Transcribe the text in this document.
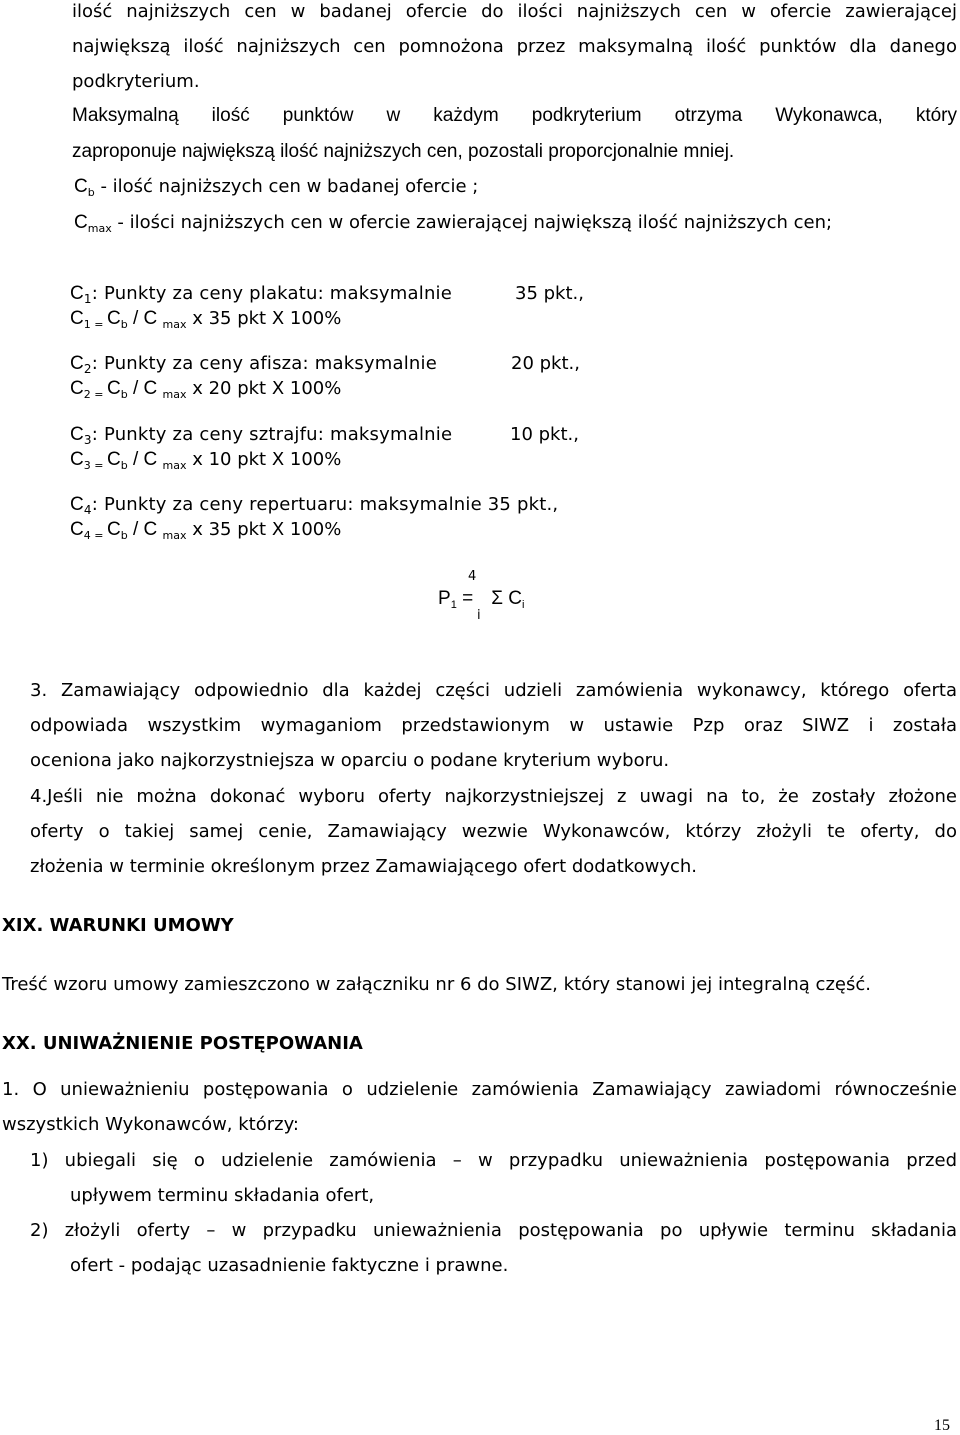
ilość najniższych cen w badanej ofercie do ilości najniższych cen w ofercie zawierającej
największą ilość najniższych cen pomnożona przez maksymalną ilość punktów dla danego
podkryterium.
Maksymalną ilość punktów w każdym podkryterium otrzyma Wykonawca, który
zaproponuje największą ilość najniższych cen, pozostali proporcjonalnie mniej.
$C_b$ - ilość najniższych cen w badanej ofercie ;
$C_{max}$ - ilości najniższych cen w ofercie zawierającej największą ilość najniższych cen;
$C_1$: Punkty za ceny plakatu: maksymalnie	35 pkt.,
$C_1$ $_=$ $C_b$ / C $_{max}$ x 35 pkt X 100%
$C_2$: Punkty za ceny afisza: maksymalnie	20 pkt.,
$C_2$ $_=$ $C_b$ / C $_{max}$ x 20 pkt X 100%
$C_3$: Punkty za ceny sztrajfu: maksymalnie	10 pkt.,
$C_3$ $_=$ $C_b$ / C $_{max}$ x 10 pkt X 100%
$C_4$: Punkty za ceny repertuaru: maksymalnie 35 pkt.,
$C_4$ $_=$ $C_b$ / C $_{max}$ x 35 pkt X 100%
4
$P_1 = \Sigma$ $C_i$
i
3. Zamawiający odpowiednio dla każdej części udzieli zamówienia wykonawcy, którego oferta
odpowiada wszystkim wymaganiom przedstawionym w ustawie Pzp oraz SIWZ i została
oceniona jako najkorzystniejsza w oparciu o podane kryterium wyboru.
4.Jeśli nie można dokonać wyboru oferty najkorzystniejszej z uwagi na to, że zostały złożone
oferty o takiej samej cenie, Zamawiający wezwie Wykonawców, którzy złożyli te oferty, do
złożenia w terminie określonym przez Zamawiającego ofert dodatkowych.
XIX. WARUNKI UMOWY
Treść wzoru umowy zamieszczono w załączniku nr 6 do SIWZ, który stanowi jej integralną część.
XX. UNIWAŻNIENIE POSTĘPOWANIA
1. O unieważnieniu postępowania o udzielenie zamówienia Zamawiający zawiadomi równocześnie
wszystkich Wykonawców, którzy:
1) ubiegali się o udzielenie zamówienia – w przypadku unieważnienia postępowania przed
upływem terminu składania ofert,
2) złożyli oferty – w przypadku unieważnienia postępowania po upływie terminu składania
ofert - podając uzasadnienie faktyczne i prawne.
15
